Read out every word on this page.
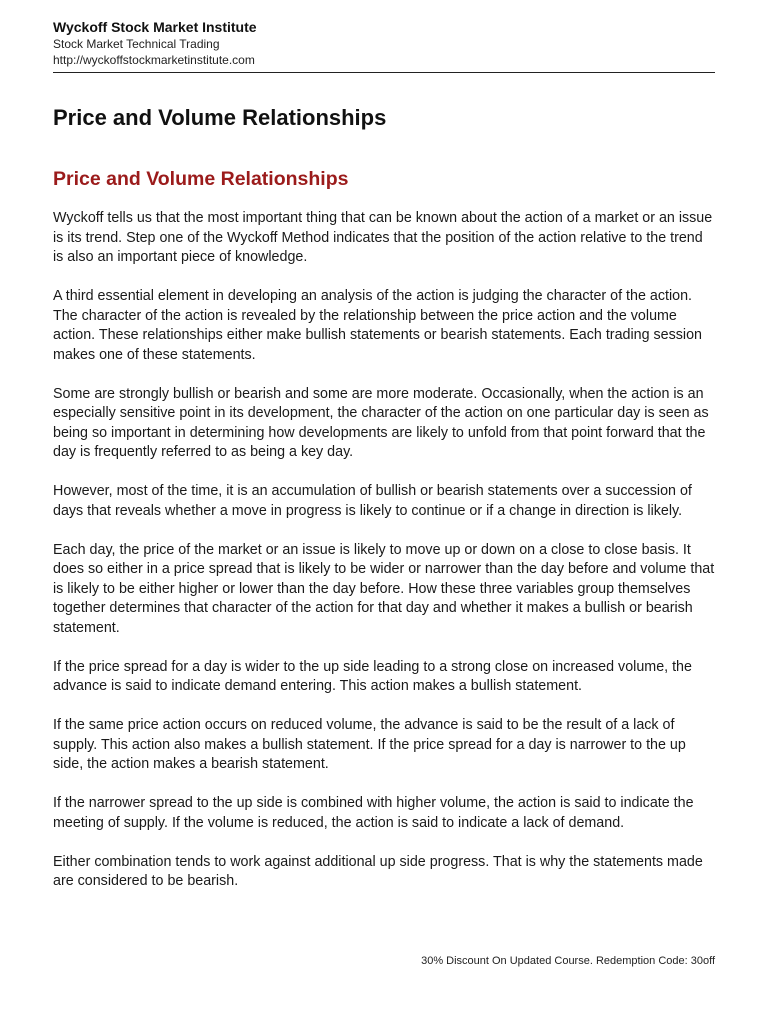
Wyckoff Stock Market Institute
Stock Market Technical Trading
http://wyckoffstockmarketinstitute.com
Price and Volume Relationships
Price and Volume Relationships

Wyckoff tells us that the most important thing that can be known about the action of a market or an issue is its trend. Step one of the Wyckoff Method indicates that the position of the action relative to the trend is also an important piece of knowledge.

A third essential element in developing an analysis of the action is judging the character of the action. The character of the action is revealed by the relationship between the price action and the volume action. These relationships either make bullish statements or bearish statements. Each trading session makes one of these statements.

Some are strongly bullish or bearish and some are more moderate. Occasionally, when the action is an especially sensitive point in its development, the character of the action on one particular day is seen as being so important in determining how developments are likely to unfold from that point forward that the day is frequently referred to as being a key day.

However, most of the time, it is an accumulation of bullish or bearish statements over a succession of days that reveals whether a move in progress is likely to continue or if a change in direction is likely.

Each day, the price of the market or an issue is likely to move up or down on a close to close basis. It does so either in a price spread that is likely to be wider or narrower than the day before and volume that is likely to be either higher or lower than the day before. How these three variables group themselves together determines that character of the action for that day and whether it makes a bullish or bearish statement.

If the price spread for a day is wider to the up side leading to a strong close on increased volume, the advance is said to indicate demand entering. This action makes a bullish statement.

If the same price action occurs on reduced volume, the advance is said to be the result of a lack of supply. This action also makes a bullish statement. If the price spread for a day is narrower to the up side, the action makes a bearish statement.

If the narrower spread to the up side is combined with higher volume, the action is said to indicate the meeting of supply. If the volume is reduced, the action is said to indicate a lack of demand.

Either combination tends to work against additional up side progress. That is why the statements made are considered to be bearish.

30% Discount On Updated Course. Redemption Code: 30off
